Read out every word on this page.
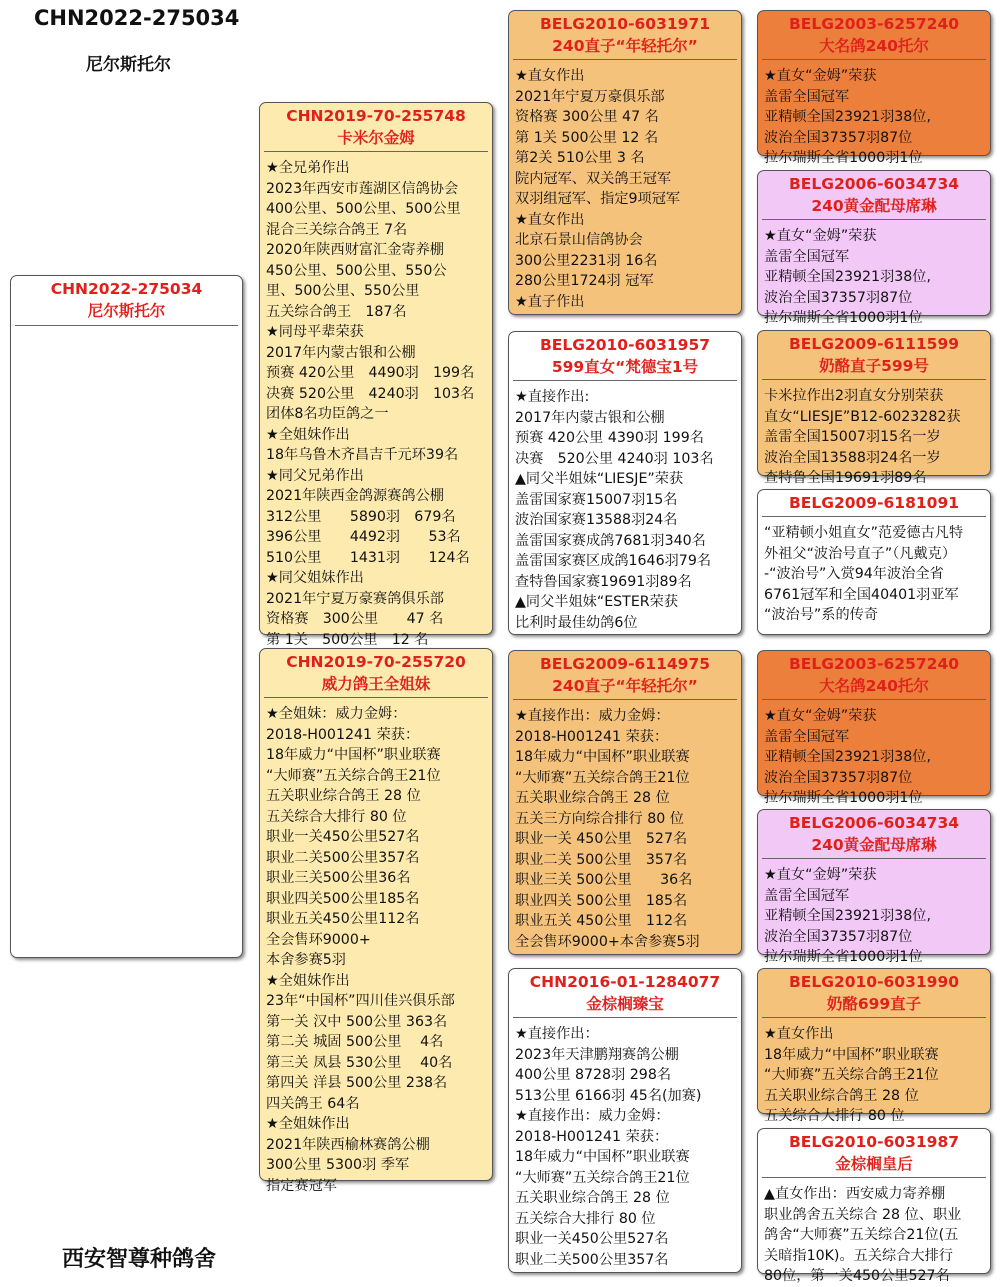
CHN2022-275034
尼尔斯托尔
CHN2022-275034
尼尔斯托尔
CHN2019-70-255748
卡米尔金姆
★全兄弟作出
2023年西安市莲湖区信鸽协会
400公里、500公里、500公里
混合三关综合鸽王 7名
2020年陕西财富汇金寄养棚
450公里、500公里、550公
里、500公里、550公里
五关综合鸽王　187名
★同母平辈荣获
2017年内蒙古银和公棚
预赛 420公里　4490羽　199名
决赛 520公里　4240羽　103名
团体8名功臣鸽之一
★全姐妹作出
18年乌鲁木齐昌吉千元环39名
★同父兄弟作出
2021年陕西金鸽源赛鸽公棚
312公里　　5890羽　679名
396公里　　4492羽　　53名
510公里　　1431羽　　124名
★同父姐妹作出
2021年宁夏万豪赛鸽俱乐部
资格赛　300公里　　47 名
第 1关　500公里　12 名
CHN2019-70-255720
威力鸽王全姐妹
★全姐妹：威力金姆：
2018-H001241 荣获：
18年威力“中国杯”职业联赛
“大师赛”五关综合鸽王21位
五关职业综合鸽王 28 位
五关综合大排行 80 位
职业一关450公里527名
职业二关500公里357名
职业三关500公里36名
职业四关500公里185名
职业五关450公里112名
全会售环9000+
本舍参赛5羽
★全姐妹作出
23年“中国杯”四川佳兴俱乐部
第一关 汉中 500公里 363名
第二关 城固 500公里　 4名
第三关 凤县 530公里　 40名
第四关 洋县 500公里 238名
四关鸽王 64名
★全姐妹作出
2021年陕西榆林赛鸽公棚
300公里 5300羽 季军
指定赛冠军
BELG2010-6031971
240直子“年轻托尔”
★直女作出
2021年宁夏万豪俱乐部
资格赛 300公里 47 名
第 1关 500公里 12 名
第2关 510公里 3 名
院内冠军、双关鸽王冠军
双羽组冠军、指定9项冠军
★直女作出
北京石景山信鸽协会
300公里2231羽 16名
280公里1724羽 冠军
★直子作出
BELG2010-6031957
599直女“梵德宝1号
★直接作出:
2017年内蒙古银和公棚
预赛 420公里 4390羽 199名
决赛　520公里 4240羽 103名
▲同父半姐妹“LIESJE”荣获
盖雷国家赛15007羽15名
波治国家赛13588羽24名
盖雷国家赛成鸽7681羽340名
盖雷国家赛区成鸽1646羽79名
查特鲁国家赛19691羽89名
▲同父半姐妹“ESTER荣获
比利时最佳幼鸽6位
BELG2009-6114975
240直子“年轻托尔”
★直接作出：威力金姆：
2018-H001241 荣获：
18年威力“中国杯”职业联赛
“大师赛”五关综合鸽王21位
五关职业综合鸽王 28 位
五关三方向综合排行 80 位
职业一关 450公里　527名
职业二关 500公里　357名
职业三关 500公里　　36名
职业四关 500公里　185名
职业五关 450公里　112名
全会售环9000+本舍参赛5羽
CHN2016-01-1284077
金棕榈臻宝
★直接作出：
2023年天津鹏翔赛鸽公棚
400公里 8728羽 298名
513公里 6166羽 45名(加赛)
★直接作出：威力金姆：
2018-H001241 荣获：
18年威力“中国杯”职业联赛
“大师赛”五关综合鸽王21位
五关职业综合鸽王 28 位
五关综合大排行 80 位
职业一关450公里527名
职业二关500公里357名
BELG2003-6257240
大名鸽240托尔
★直女“金姆”荣获
盖雷全国冠军
亚精顿全国23921羽38位,
波治全国37357羽87位
拉尔瑞斯全省1000羽1位
BELG2006-6034734
240黄金配母席琳
★直女“金姆”荣获
盖雷全国冠军
亚精顿全国23921羽38位,
波治全国37357羽87位
拉尔瑞斯全省1000羽1位
BELG2009-6111599
奶酪直子599号
卡米拉作出2羽直女分别荣获
直女“LIESJE”B12-6023282获
盖雷全国15007羽15名一岁
波治全国13588羽24名一岁
查特鲁全国19691羽89名
BELG2009-6181091
“亚精顿小姐直女”范爱德古凡特
外祖父“波治号直子”（凡戴克）
-“波治号”入赏94年波治全省
6761冠军和全国40401羽亚军
“波治号”系的传奇
BELG2003-6257240
大名鸽240托尔
★直女“金姆”荣获
盖雷全国冠军
亚精顿全国23921羽38位,
波治全国37357羽87位
拉尔瑞斯全省1000羽1位
BELG2006-6034734
240黄金配母席琳
★直女“金姆”荣获
盖雷全国冠军
亚精顿全国23921羽38位,
波治全国37357羽87位
拉尔瑞斯全省1000羽1位
BELG2010-6031990
奶酪699直子
★直女作出
18年威力“中国杯”职业联赛
“大师赛”五关综合鸽王21位
五关职业综合鸽王 28 位
五关综合大排行 80 位
BELG2010-6031987
金棕榈皇后
▲直女作出：西安威力寄养棚
职业鸽舍五关综合 28 位、职业
鸽舍“大师赛”五关综合21位(五
关暗指10K)。五关综合大排行
80位，第一关450公里527名
西安智尊种鸽舍
